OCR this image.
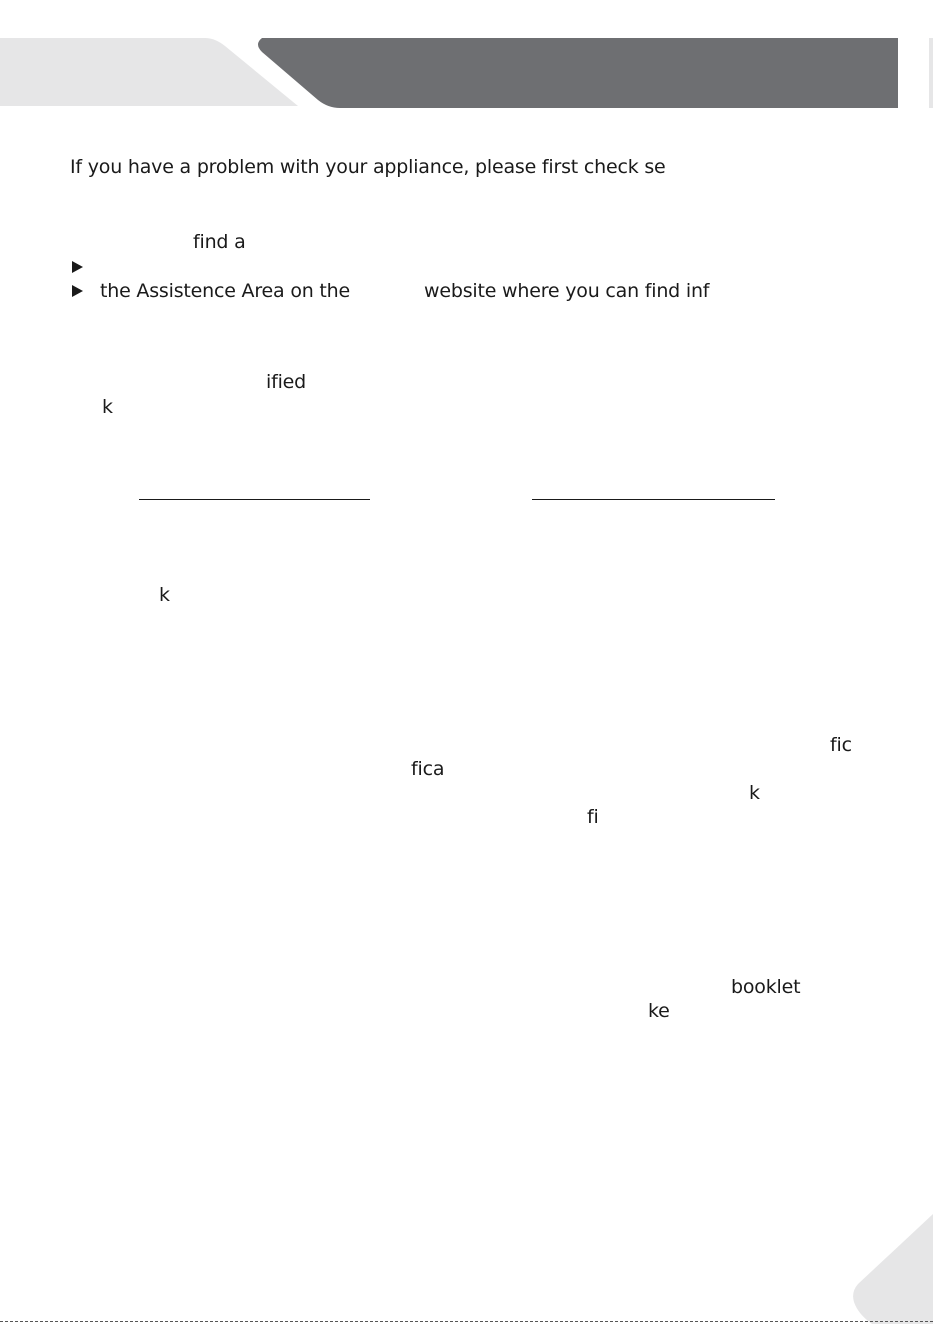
If you have a problem with your appliance, please first check se
find a
the Assistence Area on the	website where you can find inf
ified
k
k
fic
fica
k
fi
booklet
ke
